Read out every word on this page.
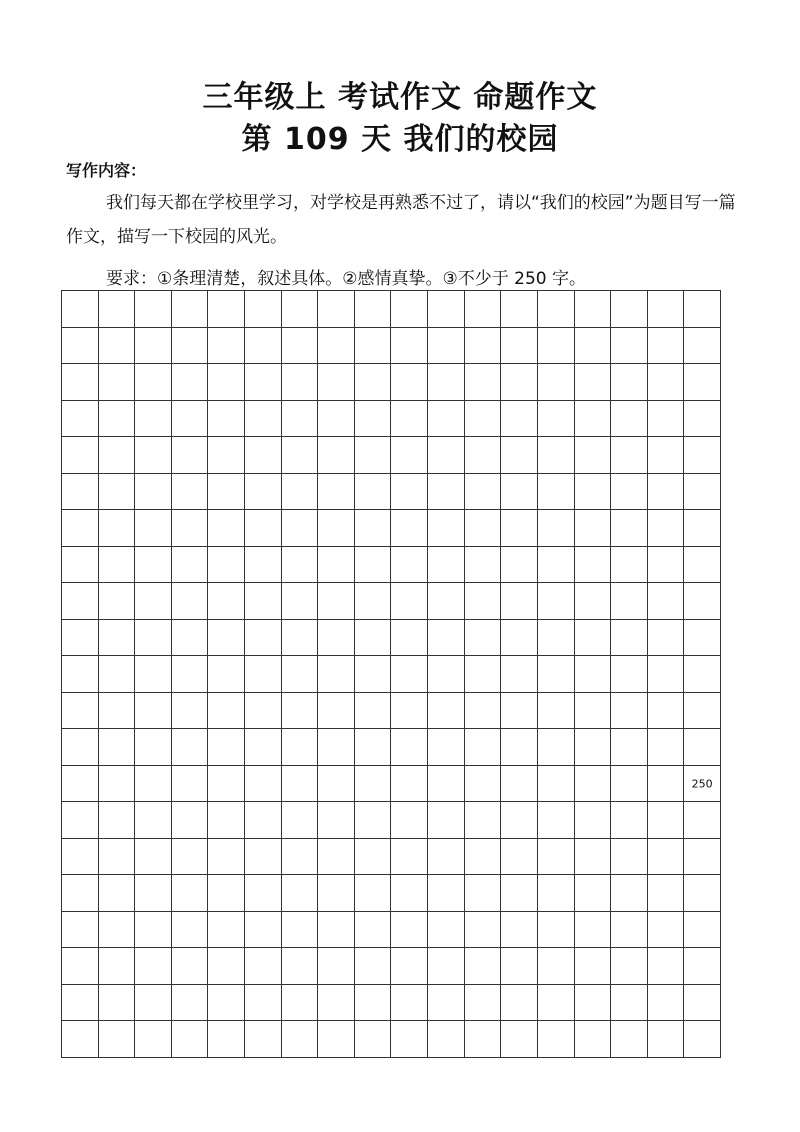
三年级上 考试作文 命题作文
第 109 天 我们的校园
写作内容：
我们每天都在学校里学习，对学校是再熟悉不过了，请以“我们的校园”为题目写一篇作文，描写一下校园的风光。
要求：①条理清楚，叙述具体。②感情真挚。③不少于 250 字。
250
